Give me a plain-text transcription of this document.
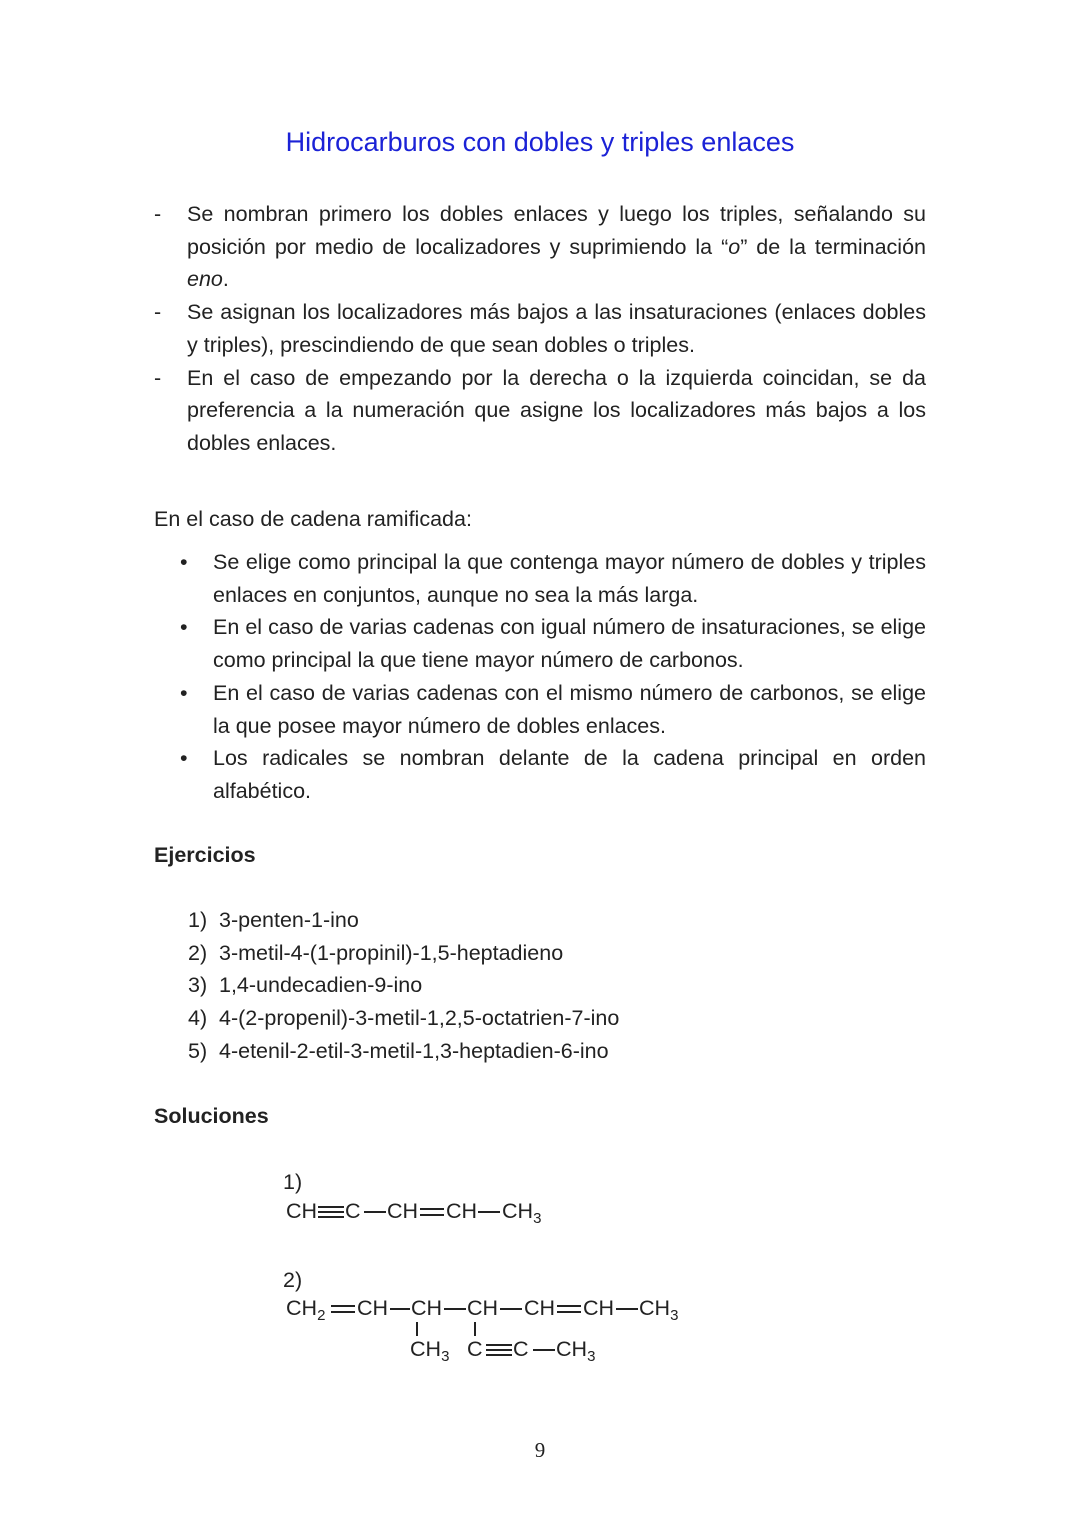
Hidrocarburos con dobles y triples enlaces
- Se nombran primero los dobles enlaces y luego los triples, señalando su posición por medio de localizadores y suprimiendo la “o” de la terminación eno.
- Se asignan los localizadores más bajos a las insaturaciones (enlaces dobles y triples), prescindiendo de que sean dobles o triples.
- En el caso de empezando por la derecha o la izquierda coincidan, se da preferencia a la numeración que asigne los localizadores más bajos a los dobles enlaces.

En el caso de cadena ramificada:

• Se elige como principal la que contenga mayor número de dobles y triples enlaces en conjuntos, aunque no sea la más larga.
• En el caso de varias cadenas con igual número de insaturaciones, se elige como principal la que tiene mayor número de carbonos.
• En el caso de varias cadenas con el mismo número de carbonos, se elige la que posee mayor número de dobles enlaces.
• Los radicales se nombran delante de la cadena principal en orden alfabético.

Ejercicios

1) 3-penten-1-ino
2) 3-metil-4-(1-propinil)-1,5-heptadieno
3) 1,4-undecadien-9-ino
4) 4-(2-propenil)-3-metil-1,2,5-octatrien-7-ino
5) 4-etenil-2-etil-3-metil-1,3-heptadien-6-ino

Soluciones

1)
CH C CH CH $CH_3$
2)
$CH_2$ CH CH CH CH CH $CH_3$
$CH_3$ C C $CH_3$
9
